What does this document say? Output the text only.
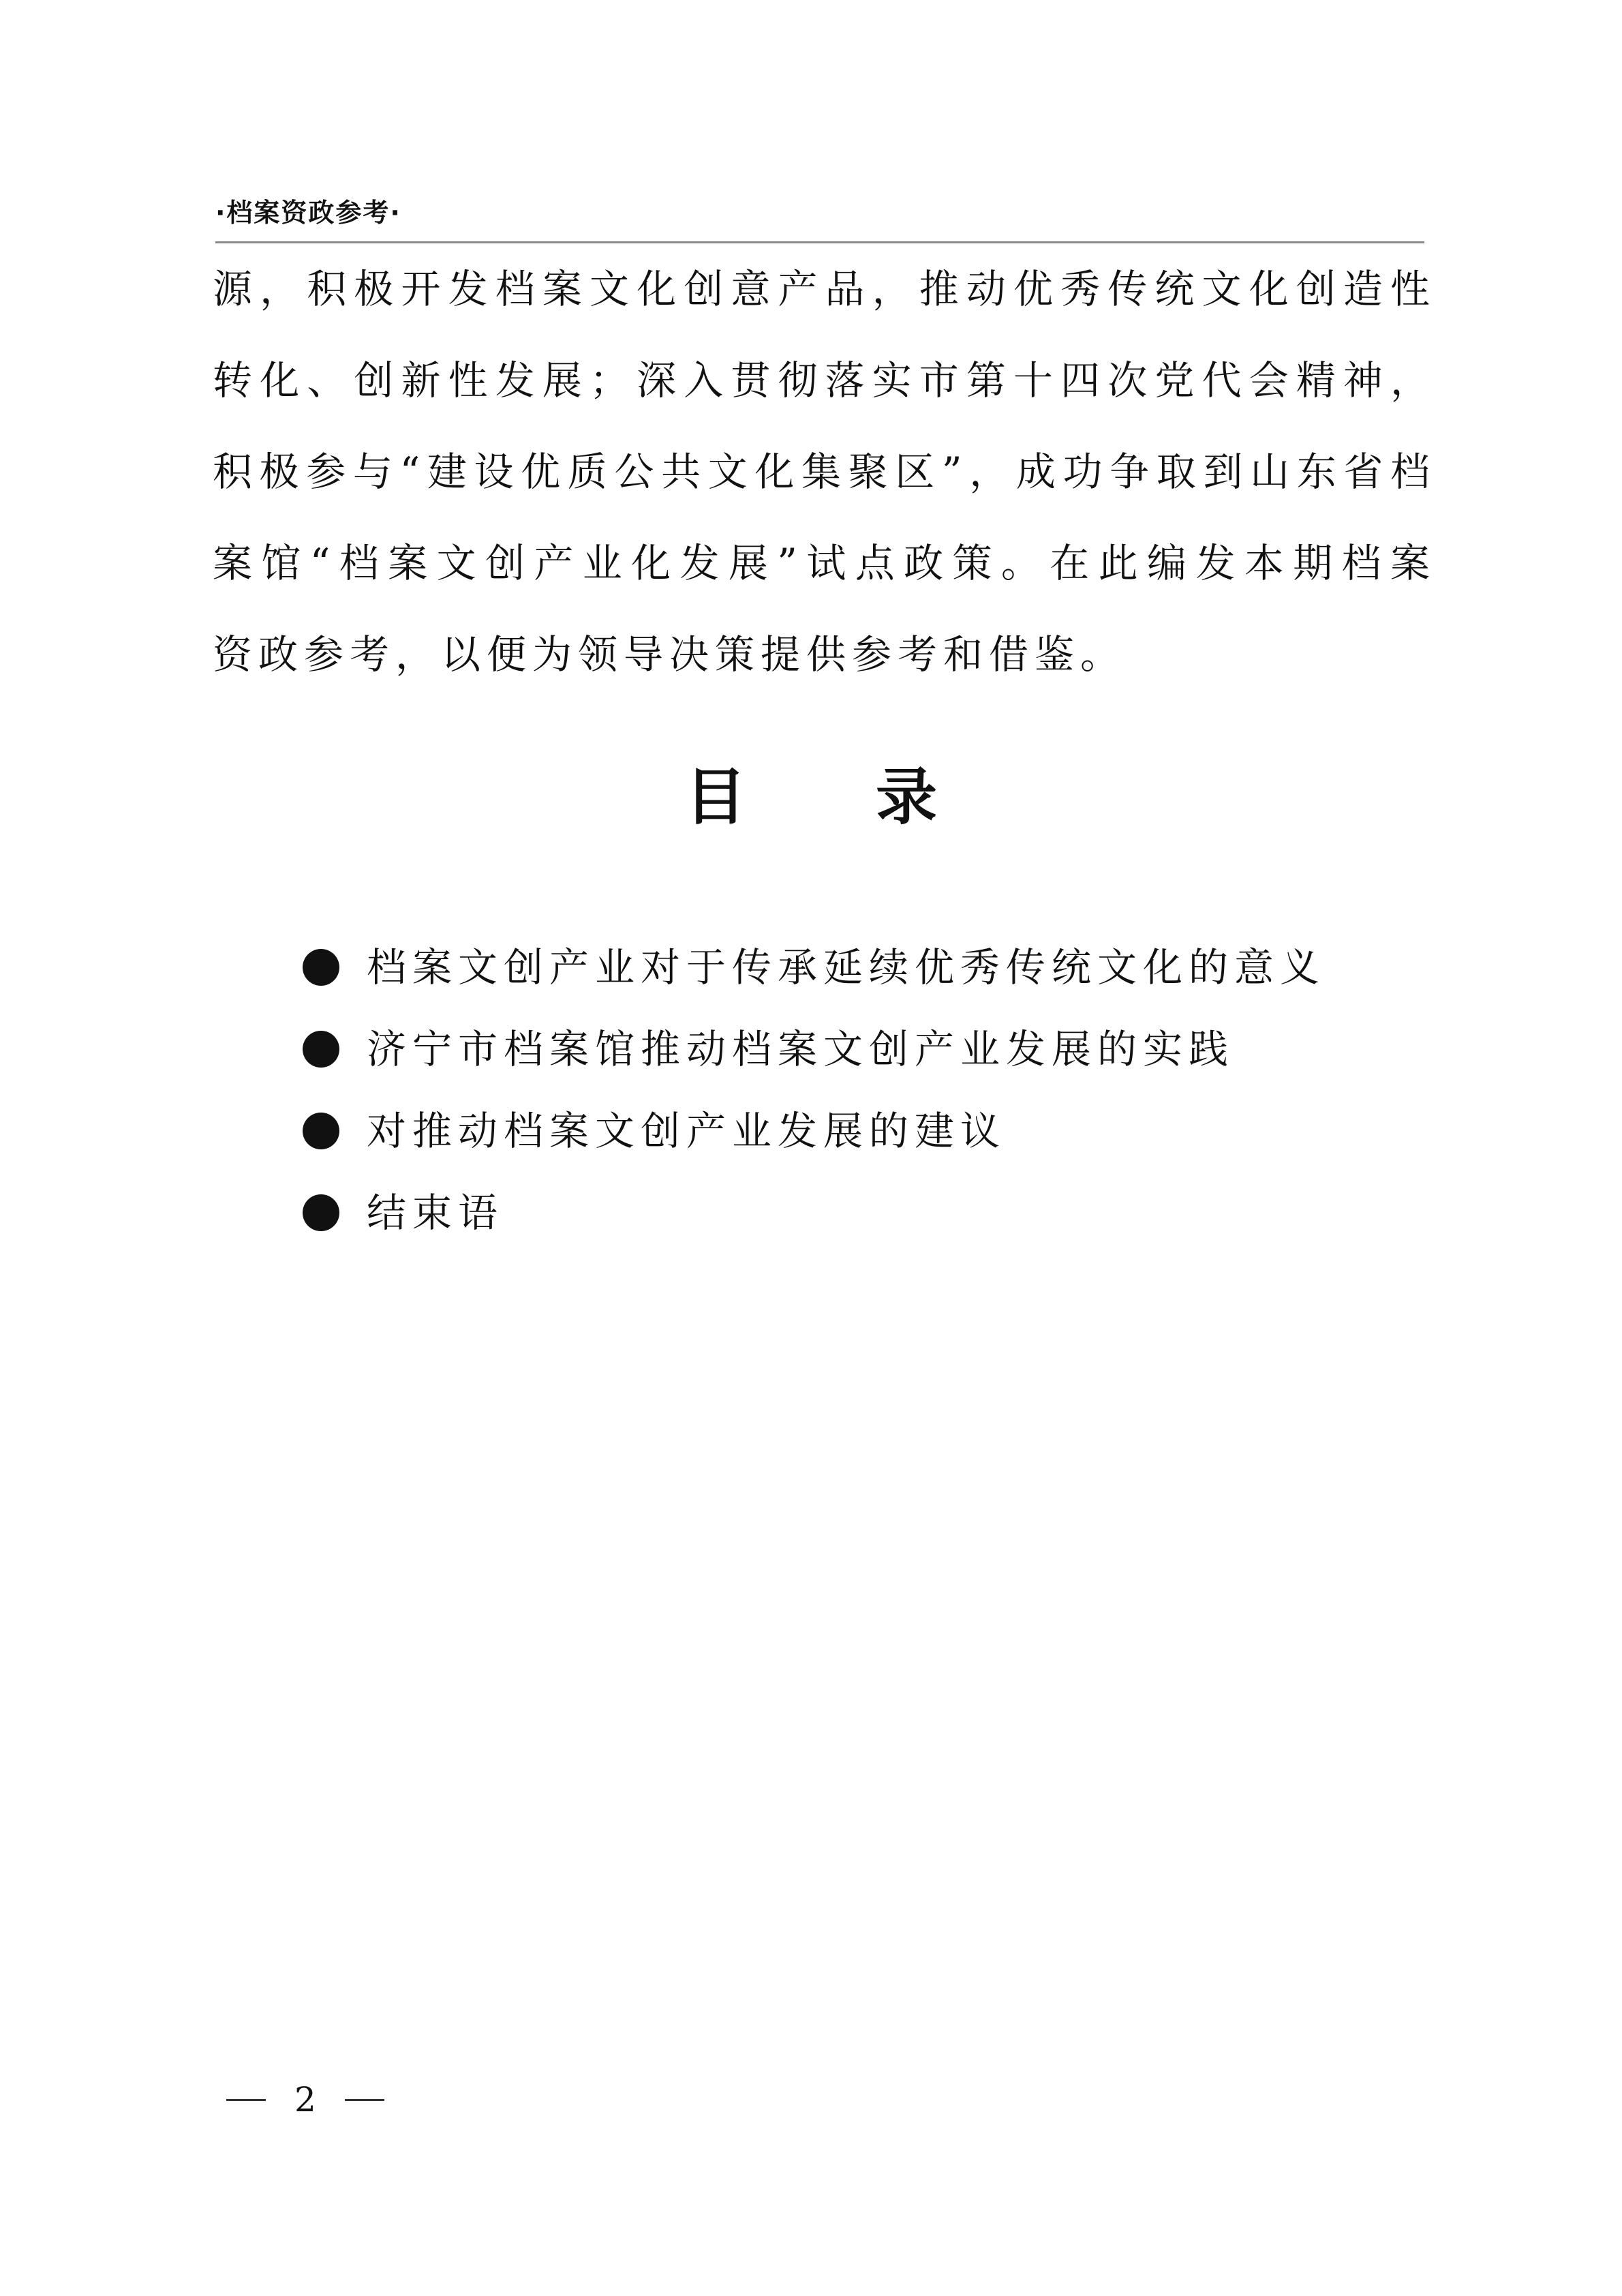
·档案资政参考·
源，积极开发档案文化创意产品，推动优秀传统文化创造性
转化、创新性发展；深入贯彻落实市第十四次党代会精神，
积极参与“建设优质公共文化集聚区”，成功争取到山东省档
案馆“档案文创产业化发展”试点政策。在此编发本期档案
资政参考，以便为领导决策提供参考和借鉴。
目录
档案文创产业对于传承延续优秀传统文化的意义
济宁市档案馆推动档案文创产业发展的实践
对推动档案文创产业发展的建议
结束语
2
